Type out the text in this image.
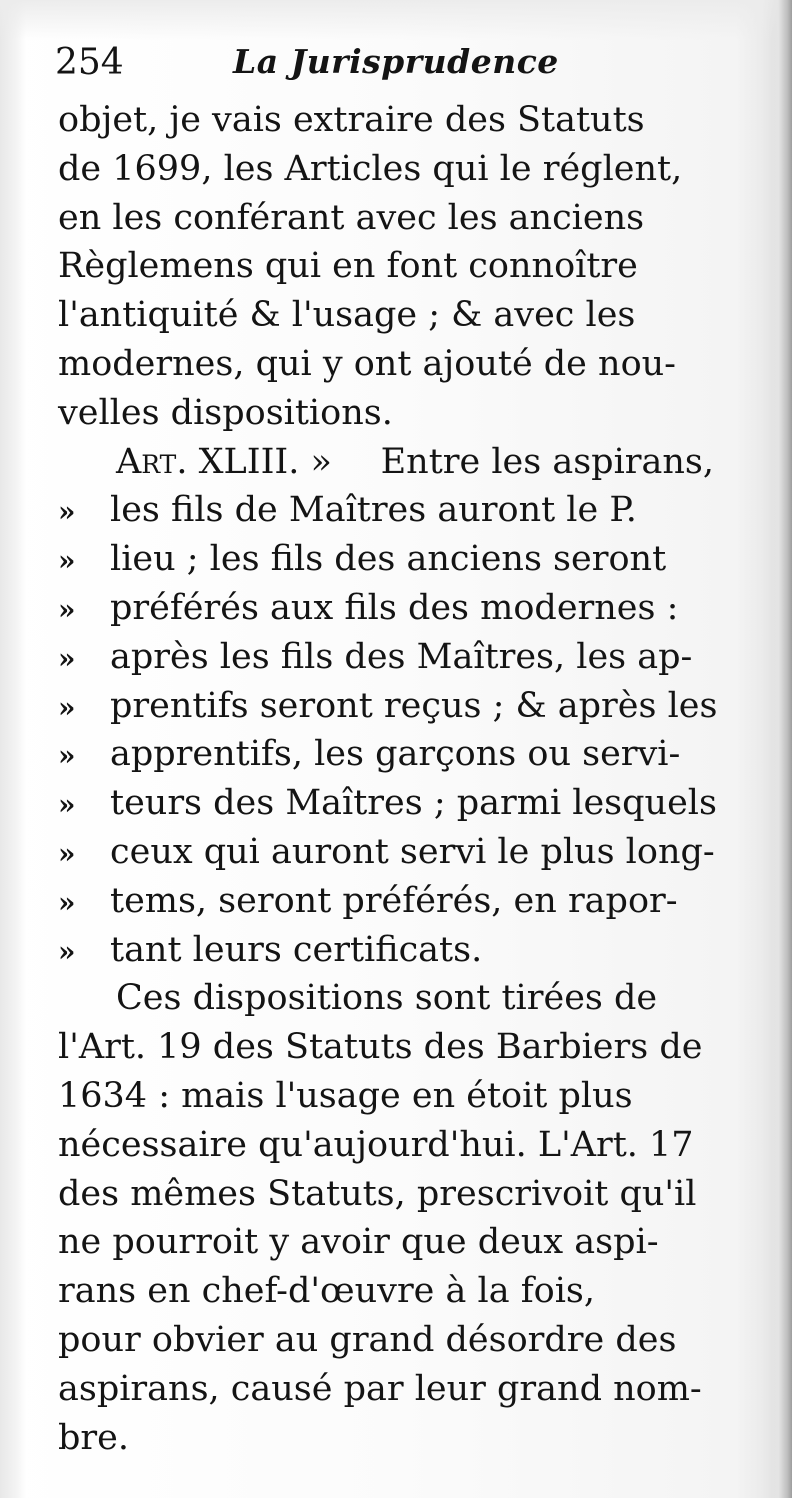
254	La Jurisprudence
objet, je vais extraire des Statuts
de 1699, les Articles qui le réglent,
en les conférant avec les anciens
Règlemens qui en font connoître
l'antiquité & l'usage ; & avec les
modernes, qui y ont ajouté de nou-
velles dispositions.
Art. XLIII. » Entre les aspirans,
» les fils de Maîtres auront le P.
» lieu ; les fils des anciens seront
» préférés aux fils des modernes :
» après les fils des Maîtres, les ap-
» prentifs seront reçus ; & après les
» apprentifs, les garçons ou servi-
» teurs des Maîtres ; parmi lesquels
» ceux qui auront servi le plus long-
» tems, seront préférés, en rapor-
» tant leurs certificats.
Ces dispositions sont tirées de
l'Art. 19 des Statuts des Barbiers de
1634 : mais l'usage en étoit plus
nécessaire qu'aujourd'hui. L'Art. 17
des mêmes Statuts, prescrivoit qu'il
ne pourroit y avoir que deux aspi-
rans en chef-d'œuvre à la fois,
pour obvier au grand désordre des
aspirans, causé par leur grand nom-
bre.
